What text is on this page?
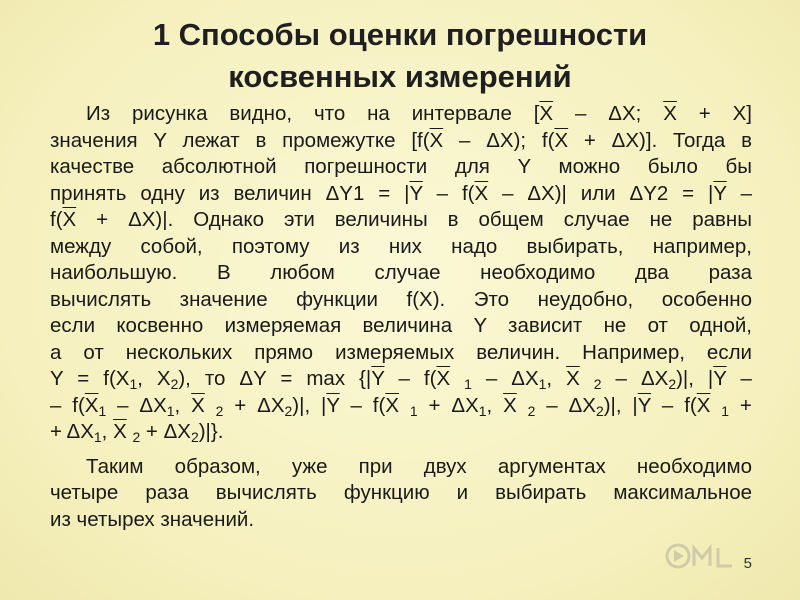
1 Способы оценки погрешности
косвенных измерений
Из рисунка видно, что на интервале [$\overline{X}$ – ΔX; $\overline{X} + X$]
значения Y лежат в промежутке [$f(\overline{X} - \Delta X)$; $f(\overline{X} + \Delta X)$]. Тогда в
качестве абсолютной погрешности для Y можно было бы
принять одну из величин $\Delta Y1 = |\overline{Y} - f(\overline{X} - \Delta X)|$ или $\Delta Y2 = |\overline{Y}$ –
$f(\overline{X} + \Delta X)|$. Однако эти величины в общем случае не равны
между собой, поэтому из них надо выбирать, например,
наибольшую. В любом случае необходимо два раза
вычислять значение функции f(X). Это неудобно, особенно
если косвенно измеряемая величина Y зависит не от одной,
а от нескольких прямо измеряемых величин. Например, если
$Y = f(X_1$, $X_2$), то $\Delta Y = \max \{|\overline{Y} - f(\overline{X}$ $_1 - \Delta X_1$, $\overline{X}$ $_2 - \Delta X_2)|$, $|\overline{Y}$ –
– $f(\overline{X}_1 - \Delta X_1$, $\overline{X}$ $_2 + \Delta X_2)|$, $|\overline{Y} - f(\overline{X}$ $_1 + \Delta X_1$, $\overline{X}$ $_2 - \Delta X_2)|$, $|\overline{Y} - f(\overline{X}$ $_1$ +
+ $\Delta X_1$, $\overline{X}$ $_2 + \Delta X_2)|$}.
Таким образом, уже при двух аргументах необходимо
четыре раза вычислять функцию и выбирать максимальное
из четырех значений.
5
